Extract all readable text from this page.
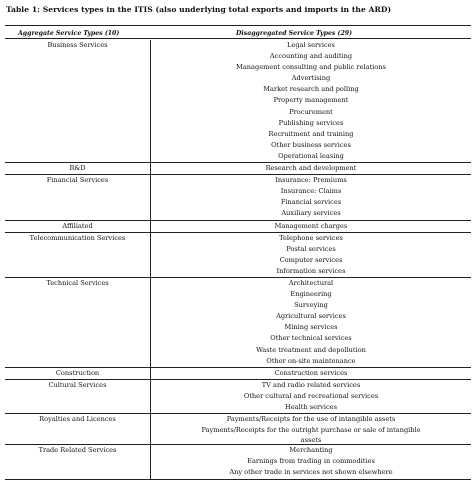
Table 1: Services types in the ITIS (also underlying total exports and imports in the ARD)
Aggregate Service Types (10)	Disaggregated Service Types (29)
Business Services	Legal services
Accounting and auditing
Management consulting and public relations
Advertising
Market research and polling
Property management
Procurement
Publishing services
Recruitment and training
Other business services
Operational leasing
R&D	Research and development
Financial Services	Insurance: Premiums
Insurance: Claims
Financial services
Auxiliary services
Affiliated	Management charges
Telecommunication Services	Telephone services
Postal services
Computer services
Information services
Technical Services	Architectural
Engineering
Surveying
Agricultural services
Mining services
Other technical services
Waste treatment and depollution
Other on-site maintenance
Construction	Construction services
Cultural Services	TV and radio related services
Other cultural and recreational services
Health services
Royalties and Licences	Payments/Receipts for the use of intangible assets
Payments/Receipts for the outright purchase or sale of intangible
assets
Trade Related Services	Merchanting
Earnings from trading in commodities
Any other trade in services not shown elsewhere
